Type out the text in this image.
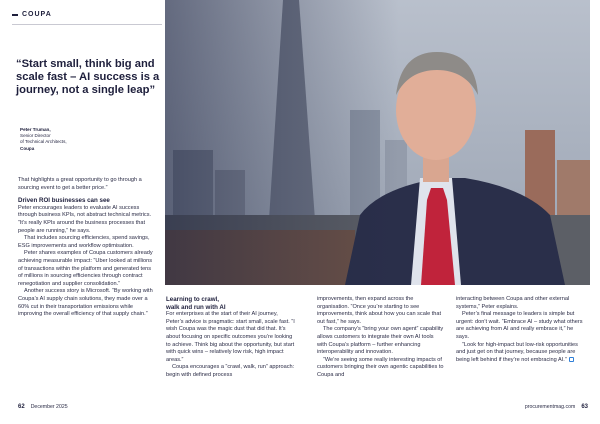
COUPA
“Start small, think big and scale fast – AI success is a journey, not a single leap”
Peter Truman,
Senior Director
of Technical Architects,
Coupa

That highlights a great opportunity to go through a sourcing event to get a better price.”

Driven ROI businesses can see

Peter encourages leaders to evaluate AI success through business KPIs, not abstract technical metrics. “It’s really KPIs around the business processes that people are running,” he says.

That includes sourcing efficiencies, spend savings, ESG improvements and workflow optimisation.

Peter shares examples of Coupa customers already achieving measurable impact: “Uber looked at millions of transactions within the platform and generated tens of millions in sourcing efficiencies through contract renegotiation and supplier consolidation.”

Another success story is Microsoft. “By working with Coupa’s AI supply chain solutions, they made over a 60% cut in their transportation emissions while improving the overall efficiency of that supply chain.”

Learning to crawl,
walk and run with AI

For enterprises at the start of their AI journey, Peter’s advice is pragmatic: start small, scale fast. “I wish Coupa was the magic dust that did that. It’s about focusing on specific outcomes you’re looking to achieve. Think big about the opportunity, but start with quick wins – relatively low risk, high impact areas.”

Coupa encourages a “crawl, walk, run” approach: begin with defined process

improvements, then expand across the organisation. “Once you’re starting to see improvements, think about how you can scale that out fast,” he says.

The company’s “bring your own agent” capability allows customers to integrate their own AI tools with Coupa’s platform – further enhancing interoperability and innovation.

“We’re seeing some really interesting impacts of customers bringing their own agentic capabilities to Coupa and

interacting between Coupa and other external systems,” Peter explains.

Peter’s final message to leaders is simple but urgent: don’t wait. “Embrace AI – study what others are achieving from AI and really embrace it,” he says.

“Look for high-impact but low-risk opportunities and just get on that journey, because people are being left behind if they’re not embracing AI.”

62 December 2025	procurementmag.com 63
